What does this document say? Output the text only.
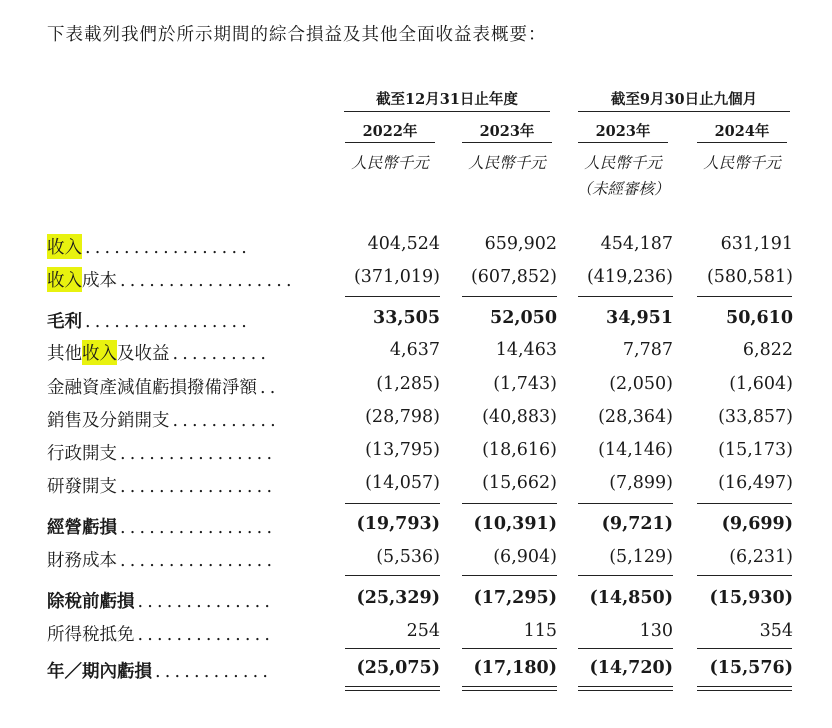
下表載列我們於所示期間的綜合損益及其他全面收益表概要：
截至12月31日止年度	截至9月30日止九個月
2022年	2023年	2023年	2024年
人民幣千元	人民幣千元	人民幣千元	人民幣千元
（未經審核）
收入 .................	404,524	659,902	454,187	631,191
收入 成本 ..................	(371,019)	(607,852)	(419,236)	(580,581)
毛利 .................	33,505	52,050	34,951	50,610
其他 收入 及收益 ..........	4,637	14,463	7,787	6,822
金融資產減值虧損撥備淨額 ..	(1,285)	(1,743)	(2,050)	(1,604)
銷售及分銷開支 ...........	(28,798)	(40,883)	(28,364)	(33,857)
行政開支 ................	(13,795)	(18,616)	(14,146)	(15,173)
研發開支 ................	(14,057)	(15,662)	(7,899)	(16,497)
經營虧損 ................	(19,793)	(10,391)	(9,721)	(9,699)
財務成本 ................	(5,536)	(6,904)	(5,129)	(6,231)
除稅前虧損 ..............	(25,329)	(17,295)	(14,850)	(15,930)
所得稅抵免 ..............	254	115	130	354
年／期內虧損 ............	(25,075)	(17,180)	(14,720)	(15,576)
